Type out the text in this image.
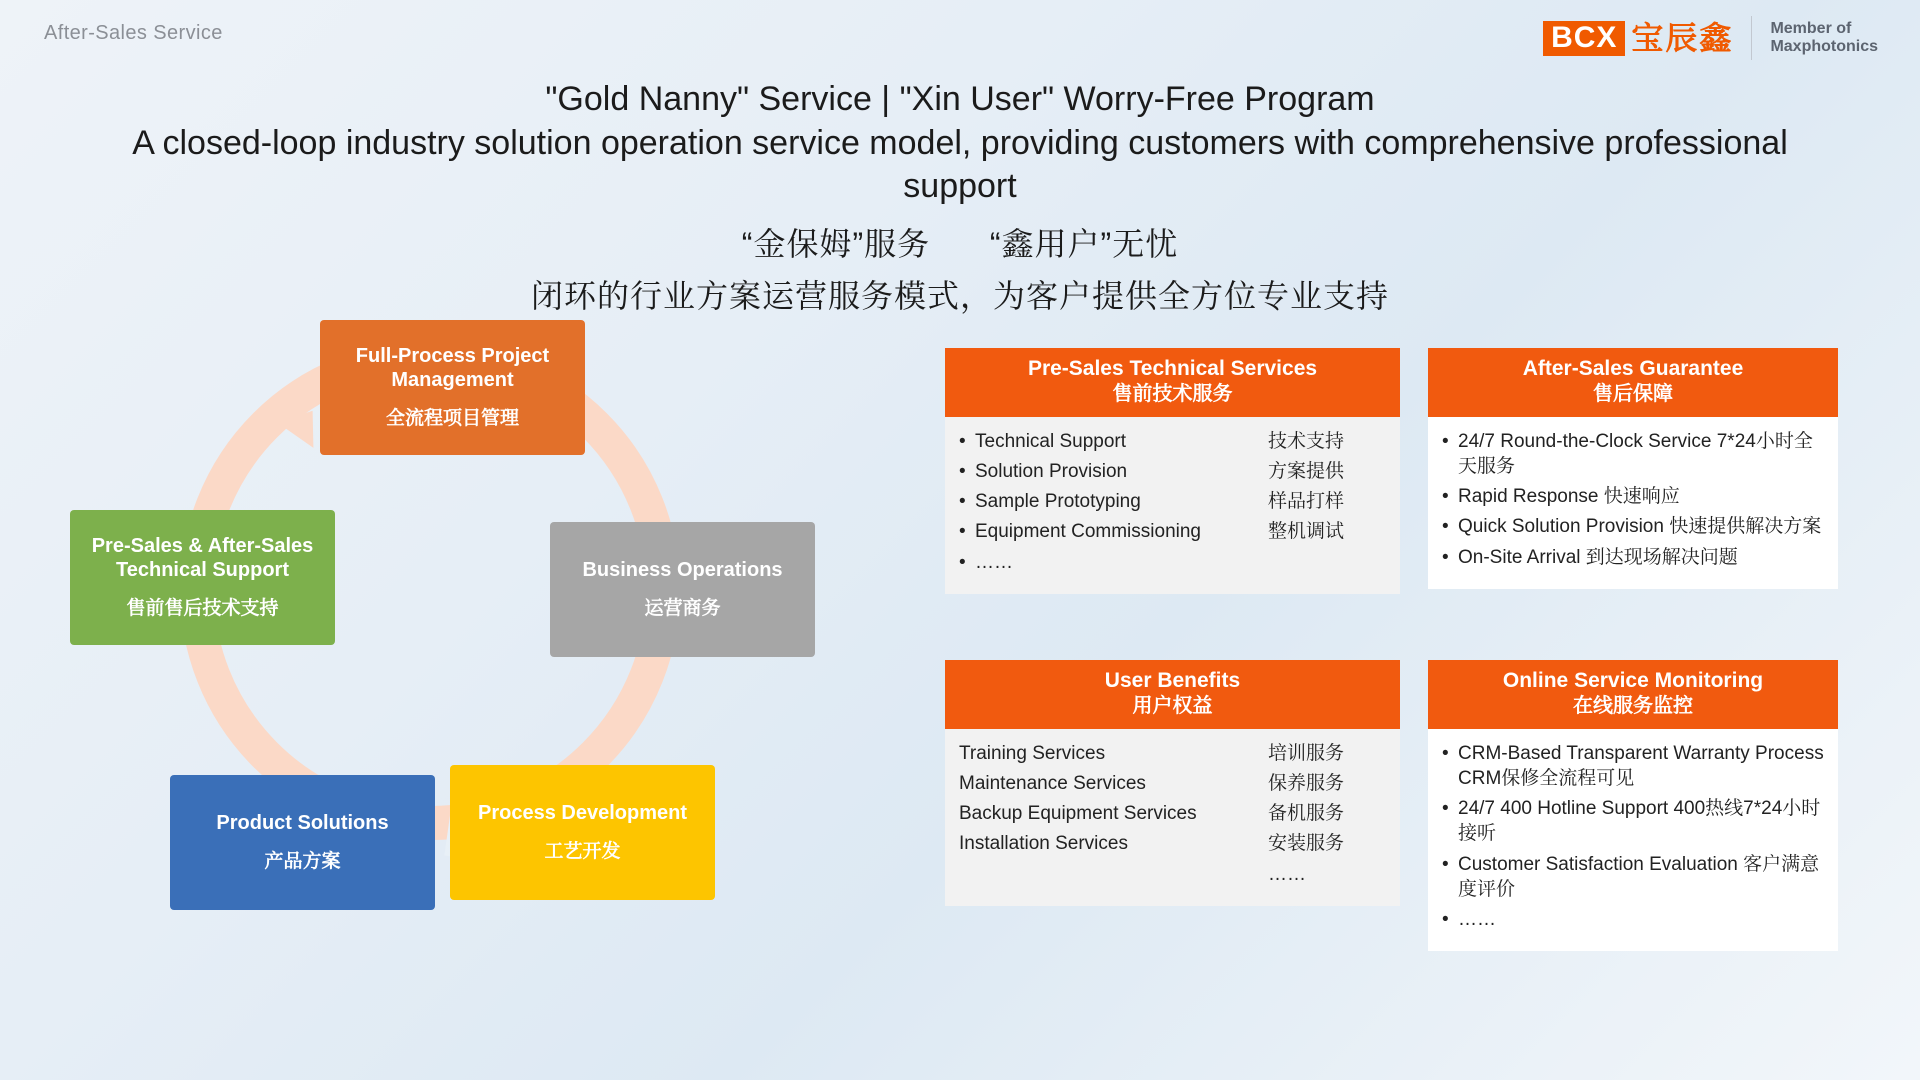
After-Sales Service	BCX 宝辰鑫 Member of
Maxphotonics
"Gold Nanny" Service | "Xin User" Worry-Free Program
A closed-loop industry solution operation service model, providing customers with comprehensive professional support
“金保姆”服务 “鑫用户”无忧
闭环的行业方案运营服务模式，为客户提供全方位专业支持
Full-Process Project Management
全流程项目管理
Pre-Sales & After-Sales Technical Support
售前售后技术支持
Business Operations
运营商务
Product Solutions
产品方案
Process Development
工艺开发
Pre-Sales Technical Services
售前技术服务
• Technical Support	技术支持
• Solution Provision	方案提供
• Sample Prototyping	样品打样
• Equipment Commissioning	整机调试
• ……
After-Sales Guarantee
售后保障
• 24/7 Round-the-Clock Service 7*24小时全天服务
• Rapid Response 快速响应
• Quick Solution Provision 快速提供解决方案
• On-Site Arrival 到达现场解决问题
User Benefits
用户权益
Training Services	培训服务
Maintenance Services	保养服务
Backup Equipment Services	备机服务
Installation Services	安装服务
……
Online Service Monitoring
在线服务监控
• CRM-Based Transparent Warranty Process CRM保修全流程可见
• 24/7 400 Hotline Support 400热线7*24小时接听
• Customer Satisfaction Evaluation 客户满意度评价
• ……
